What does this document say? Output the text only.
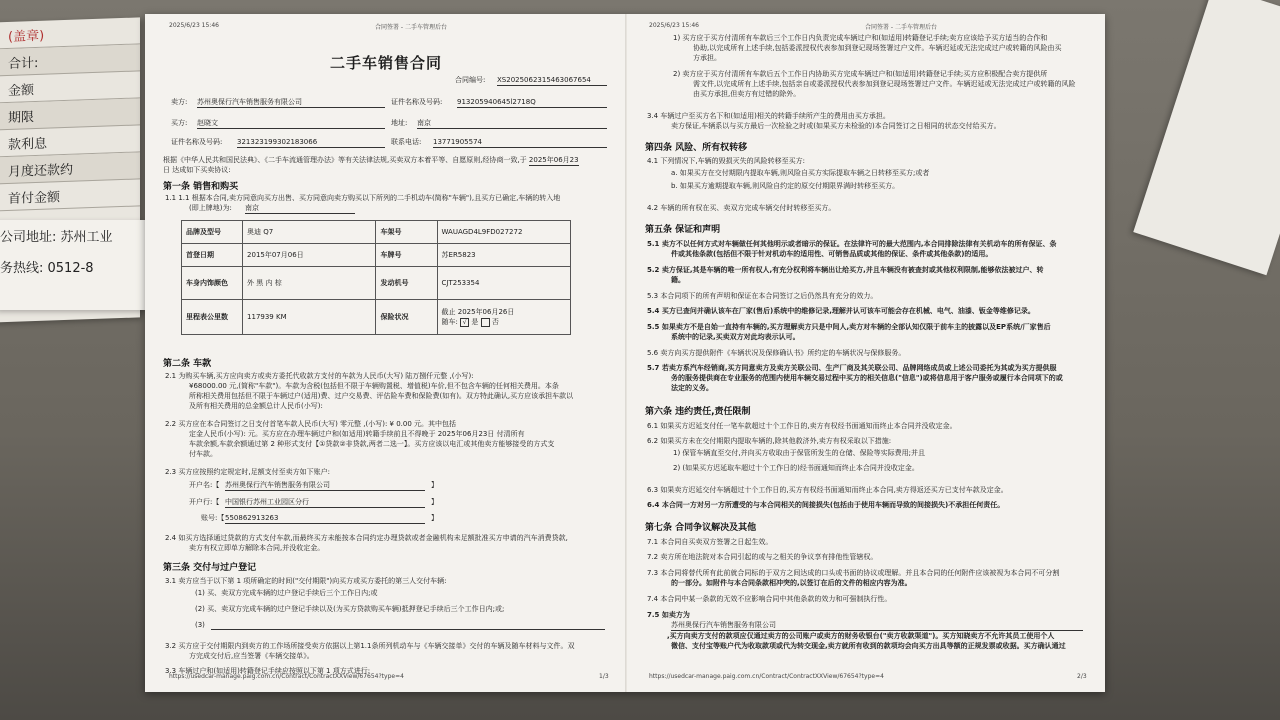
(盖章)
合计:
金额
期限
款利息
月度还款约
首付金额
公司地址: 苏州工业
务热线: 0512-8
2025/6/23 15:46	合同签署 - 二手车管理后台
二手车销售合同
合同编号: XS2025062315463067654
卖方: 苏州奥保行汽车销售服务有限公司	证件名称及号码: 913205940645l2718Q
买方: 赵晓文	地址: 南京
证件名称及号码: 321323199302183066	联系电话: 13771905574
根据《中华人民共和国民法典》、《二手车流通管理办法》等有关法律法规,买卖双方本着平等、自愿原则,经协商一致,于 2025年06月23
日 达成如下买卖协议:
第一条 销售和购买
1.1 1.1 根据本合同,卖方同意向买方出售、买方同意向卖方购买以下所列的二手机动车(简称"车辆"),且买方已确定,车辆的转入地
(即上牌地)为: 南京
品牌及型号	奥迪 Q7	车架号	WAUAGD4L9FD027272
首登日期	2015年07月06日	车牌号	苏ER5823
车身内饰颜色	外 黑 内 棕	发动机号	CJT253354
里程表公里数	117939 KM	保险状况	截止 2025年06月26日
随车: √ 是 否
第二条 车款
2.1 为购买车辆,买方应向卖方或卖方委托代收款方支付的车款为人民币(大写) 陆万捌仟元整 ,(小写):
¥68000.00 元,(简称"车款")。车款为含税(包括但不限于车辆购置税、增值税)车价,但不包含车辆的任何相关费用。本条
所称相关费用包括但不限于车辆过户(适用)费、过户交易费、评估险车费和保险费(如有)。双方特此确认,买方应该承担车款以
及所有相关费用的总金额总计人民币(小写):
2.2 买方应在本合同签订之日支付首笔车款人民币(大写) 零元整 ,(小写): ¥ 0.00 元。其中包括
定金人民币(小写): 元。买方应在办理车辆过户和(如适用)转籍手续前且不得晚于 2025年06月23日 付清所有
车款余额,车款余额通过第 2 种形式支付【①贷款②非贷款,两者二选一】。买方应该以电汇或其他卖方能够接受的方式支
付车款。
2.3 买方应按照约定规定时,足额支付至卖方如下账户:
开户名:【 苏州奥保行汽车销售服务有限公司	】
开户行:【 中国银行苏州工业园区分行	】
账号:【 550862913263	】
2.4 如买方选择通过贷款的方式支付车款,而最终买方未能按本合同约定办理贷款或者金融机构未足额批准买方申请的汽车消费贷款,
卖方有权立即单方解除本合同,并没收定金。
第三条 交付与过户登记
3.1 卖方应当于以下第 1 项所确定的时间("交付期限")向买方或买方委托的第三人交付车辆:
(1) 买、卖双方完成车辆的过户登记手续后三个工作日内;或
(2) 买、卖双方完成车辆的过户登记手续以及(为买方贷款购买车辆)抵押登记手续后三个工作日内;或;
(3)
3.2 买方应于交付期限内到卖方的工作场所接受卖方依据以上第1.1条所列机动车与《车辆交接单》交付的车辆及随车材料与文件。双
方完成交付后,应当签署《车辆交接单》。
3.3 车辆过户和(如适用)转籍登记手续应按照以下第 1 项方式进行:
https://usedcar-manage.paig.com.cn/Contract/ContractXXView/67654?type=4	1/3
2025/6/23 15:46	合同签署 - 二手车管理后台
1) 买方应于买方付清所有车款后三个工作日内负责完成车辆过户和(如适用)转籍登记手续;卖方应该给予买方适当的合作和
协助,以完成所有上述手续,包括委派授权代表参加到登记现场签署过户文件。车辆迟延或无法完成过户或转籍的风险由买
方承担。
2) 卖方应于买方付清所有车款后五个工作日内协助买方完成车辆过户和(如适用)转籍登记手续;买方应积极配合卖方提供所
需文件,以完成所有上述手续,包括亲自或委派授权代表参加到登记现场签署过户文件。车辆迟延或无法完成过户或转籍的风险
由买方承担,但卖方有过错的除外。
3.4 车辆过户至买方名下和(如适用)相关的转籍手续所产生的费用由买方承担。
卖方保证,车辆系以与买方最后一次检验之时或(如果买方未检验的)本合同签订之日相同的状态交付给买方。
第四条 风险、所有权转移
4.1 下列情况下,车辆的毁损灭失的风险转移至买方:
a. 如果买方在交付期限内提取车辆,则风险自买方实际提取车辆之日转移至买方;或者
b. 如果买方逾期提取车辆,则风险自约定的原交付期限界满时转移至买方。
4.2 车辆的所有权在买、卖双方完成车辆交付时转移至买方。
第五条 保证和声明
5.1 卖方不以任何方式对车辆做任何其他明示或者暗示的保证。在法律许可的最大范围内,本合同排除法律有关机动车的所有保证、条
件或其他条款(包括但不限于针对机动车的适用性、可销售品质或其他的保证、条件或其他条款)的适用。
5.2 卖方保证,其是车辆的唯一所有权人,有充分权利将车辆出让给买方,并且车辆没有被查封或其他权利限制,能够依法被过户、转
籍。
5.3 本合同项下的所有声明和保证在本合同签订之后仍然具有充分的效力。
5.4 买方已查问并确认该车在厂家(售后)系统中的维修记录,理解并认可该车可能会存在机械、电气、油漆、钣金等维修记录。
5.5 如果卖方不是自始一直持有车辆的,买方理解卖方只是中间人,卖方对车辆的全部认知仅限于前车主的披露以及EP系统/厂家售后
系统中的记录,买卖双方对此均表示认可。
5.6 卖方向买方提供附件《车辆状况及保修确认书》所约定的车辆状况与保修服务。
5.7 若卖方系汽车经销商,买方同意卖方及卖方关联公司、生产厂商及其关联公司、品牌网络成员或上述公司委托为其或为买方提供服
务的服务提供商在专业服务的范围内使用车辆交易过程中买方的相关信息("信息")或将信息用于客户服务或履行本合同项下的或
法定的义务。
第六条 违约责任,责任限制
6.1 如果买方迟延支付任一笔车款超过十个工作日的,卖方有权经书面通知而终止本合同并没收定金。
6.2 如果买方未在交付期限内提取车辆的,除其他救济外,卖方有权采取以下措施:
1) 保管车辆直至交付,并向买方收取由于保管所发生的仓储、保险等实际费用;并且
2) (如果买方迟延取车超过十个工作日的)经书面通知而终止本合同并没收定金。
6.3 如果卖方迟延交付车辆超过十个工作日的,买方有权经书面通知而终止本合同,卖方得返还买方已支付车款及定金。
6.4 本合同一方对另一方所遭受的与本合同相关的间接损失(包括由于使用车辆而导致的间接损失)不承担任何责任。
第七条 合同争议解决及其他
7.1 本合同自买卖双方签署之日起生效。
7.2 卖方所在地法院对本合同引起的或与之相关的争议享有排他性管辖权。
7.3 本合同将替代所有此前就合同标的于双方之间达成的口头或书面的协议或理解。并且本合同的任何附件应该被视为本合同不可分割
的一部分。如附件与本合同条款相冲突的,以签订在后的文件的相应内容为准。
7.4 本合同中某一条款的无效不应影响合同中其他条款的效力和可强制执行性。
7.5 如卖方为
苏州奥保行汽车销售服务有限公司
,买方向卖方支付的款项应仅通过卖方的公司账户或卖方的财务收银台("卖方收款渠道")。买方知晓卖方不允许其员工使用个人
微信、支付宝等账户代为收取款项或代为转交现金,卖方就所有收到的款项均会向买方出具等额的正规发票或收据。买方确认通过
https://usedcar-manage.paig.com.cn/Contract/ContractXXView/67654?type=4	2/3
